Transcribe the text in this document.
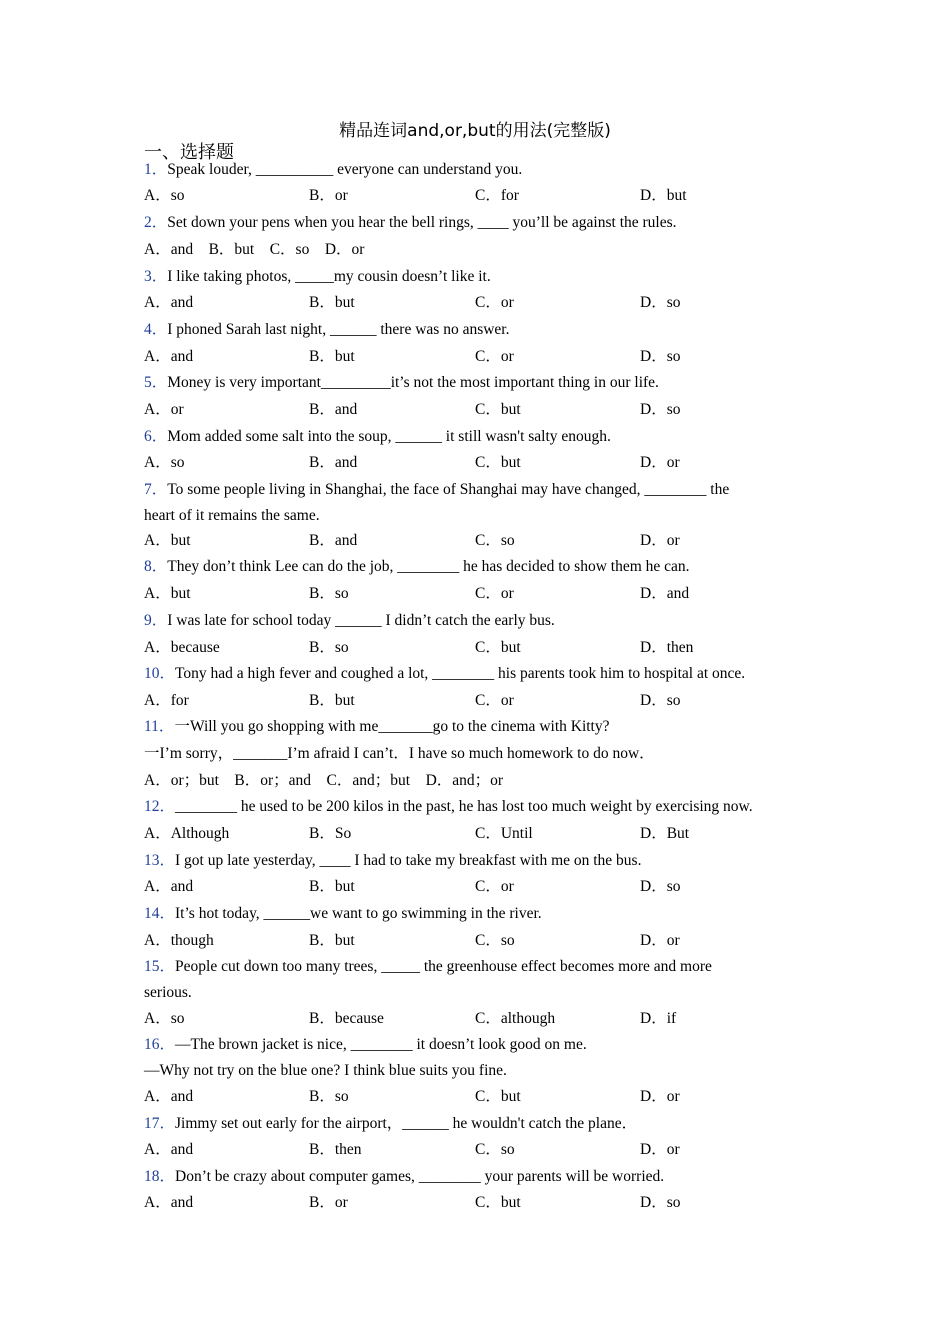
精品连词and,or,but的用法(完整版)
一、选择题
1．Speak louder, __________ everyone can understand you.
A．so	B．or	C．for	D．but
2．Set down your pens when you hear the bell rings, ____ you’ll be against the rules.
A．and    B．but    C．so    D．or
3．I like taking photos, _____my cousin doesn’t like it.
A．and	B．but	C．or	D．so
4．I phoned Sarah last night, ______ there was no answer.
A．and	B．but	C．or	D．so
5．Money is very important_________it’s not the most important thing in our life.
A．or	B．and	C．but	D．so
6．Mom added some salt into the soup, ______ it still wasn't salty enough.
A．so	B．and	C．but	D．or
7．To some people living in Shanghai, the face of Shanghai may have changed, ________ the
heart of it remains the same.
A．but	B．and	C．so	D．or
8．They don’t think Lee can do the job, ________ he has decided to show them he can.
A．but	B．so	C．or	D．and
9．I was late for school today ______ I didn’t catch the early bus.
A．because	B．so	C．but	D．then
10．Tony had a high fever and coughed a lot, ________ his parents took him to hospital at once.
A．for	B．but	C．or	D．so
11．一Will you go shopping with me_______go to the cinema with Kitty?
一I’m sorry，_______I’m afraid I can’t．I have so much homework to do now．
A．or；but    B．or；and    C．and；but    D．and；or
12．________ he used to be 200 kilos in the past, he has lost too much weight by exercising now.
A．Although	B．So	C．Until	D．But
13．I got up late yesterday, ____ I had to take my breakfast with me on the bus.
A．and	B．but	C．or	D．so
14．It’s hot today, ______we want to go swimming in the river.
A．though	B．but	C．so	D．or
15．People cut down too many trees, _____ the greenhouse effect becomes more and more
serious.
A．so	B．because	C．although	D．if
16．—The brown jacket is nice, ________ it doesn’t look good on me.
—Why not try on the blue one? I think blue suits you fine.
A．and	B．so	C．but	D．or
17．Jimmy set out early for the airport，______ he wouldn't catch the plane．
A．and	B．then	C．so	D．or
18．Don’t be crazy about computer games, ________ your parents will be worried.
A．and	B．or	C．but	D．so
